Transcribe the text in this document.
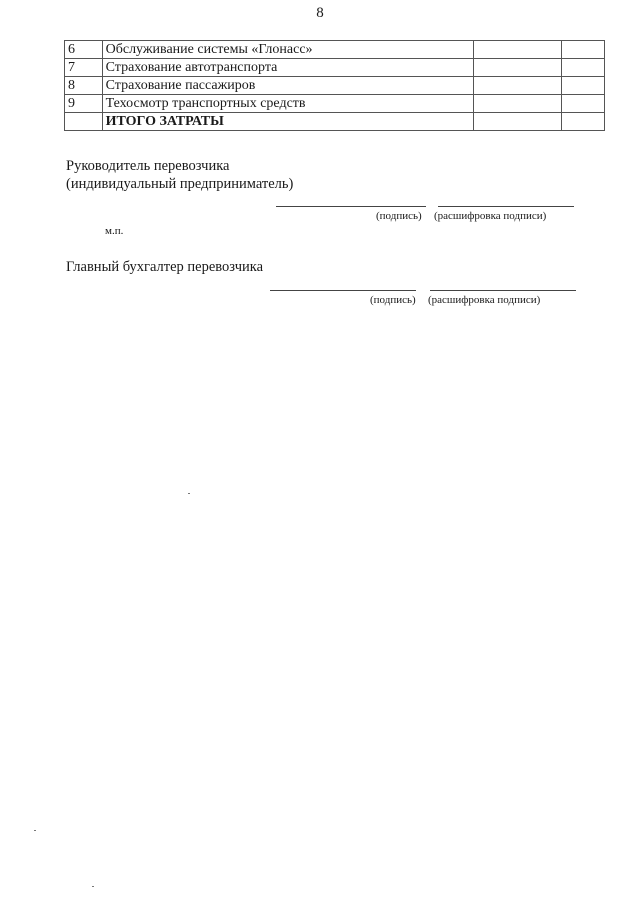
8
6	Обслуживание системы «Глонасс»		
7	Страхование автотранспорта		
8	Страхование пассажиров		
9	Техосмотр транспортных средств		
	ИТОГО ЗАТРАТЫ		
Руководитель перевозчика
(индивидуальный предприниматель)
(подпись) (расшифровка подписи)
м.п.
Главный бухгалтер перевозчика
(подпись) (расшифровка подписи)
